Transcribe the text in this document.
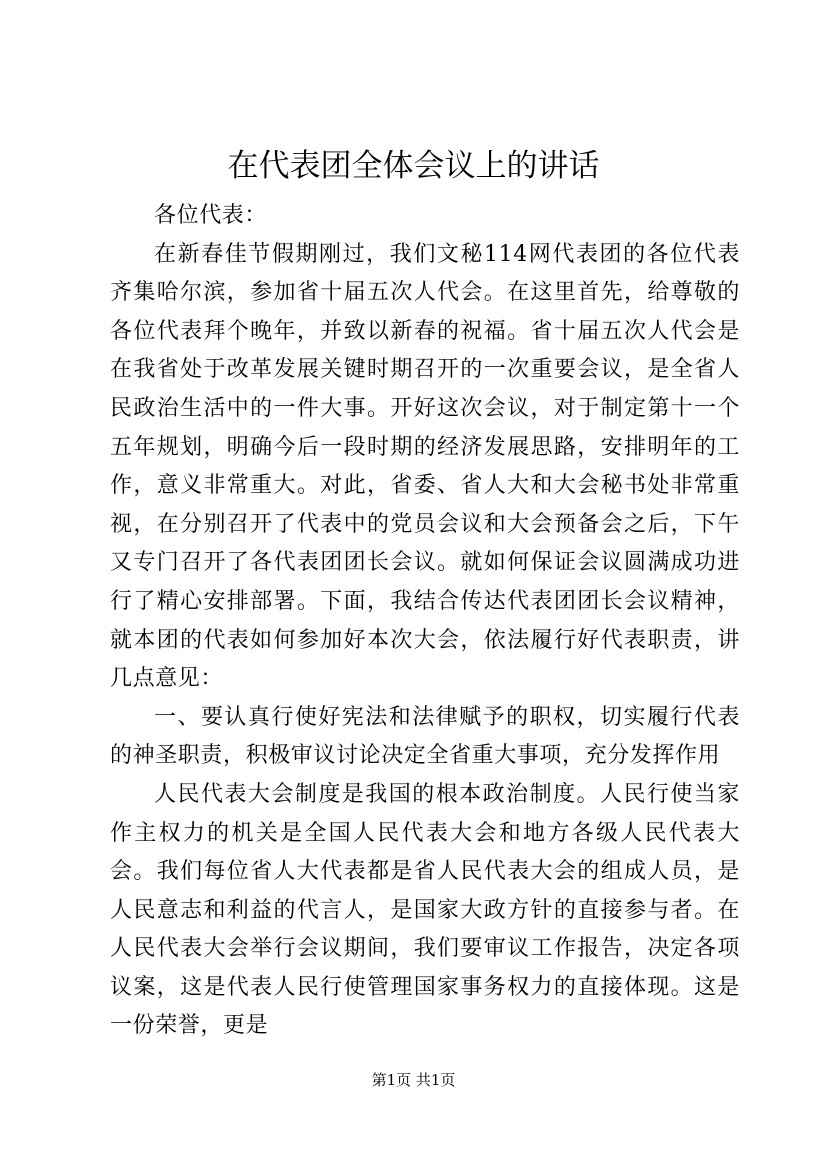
在代表团全体会议上的讲话

各位代表：

在新春佳节假期刚过，我们文秘114网代表团的各位代表齐集哈尔滨，参加省十届五次人代会。在这里首先，给尊敬的各位代表拜个晚年，并致以新春的祝福。省十届五次人代会是在我省处于改革发展关键时期召开的一次重要会议，是全省人民政治生活中的一件大事。开好这次会议，对于制定第十一个五年规划，明确今后一段时期的经济发展思路，安排明年的工作，意义非常重大。对此，省委、省人大和大会秘书处非常重视，在分别召开了代表中的党员会议和大会预备会之后，下午又专门召开了各代表团团长会议。就如何保证会议圆满成功进行了精心安排部署。下面，我结合传达代表团团长会议精神，就本团的代表如何参加好本次大会，依法履行好代表职责，讲几点意见：

一、要认真行使好宪法和法律赋予的职权，切实履行代表的神圣职责，积极审议讨论决定全省重大事项，充分发挥作用

人民代表大会制度是我国的根本政治制度。人民行使当家作主权力的机关是全国人民代表大会和地方各级人民代表大会。我们每位省人大代表都是省人民代表大会的组成人员，是人民意志和利益的代言人，是国家大政方针的直接参与者。在人民代表大会举行会议期间，我们要审议工作报告，决定各项议案，这是代表人民行使管理国家事务权力的直接体现。这是一份荣誉，更是

第1页 共1页
